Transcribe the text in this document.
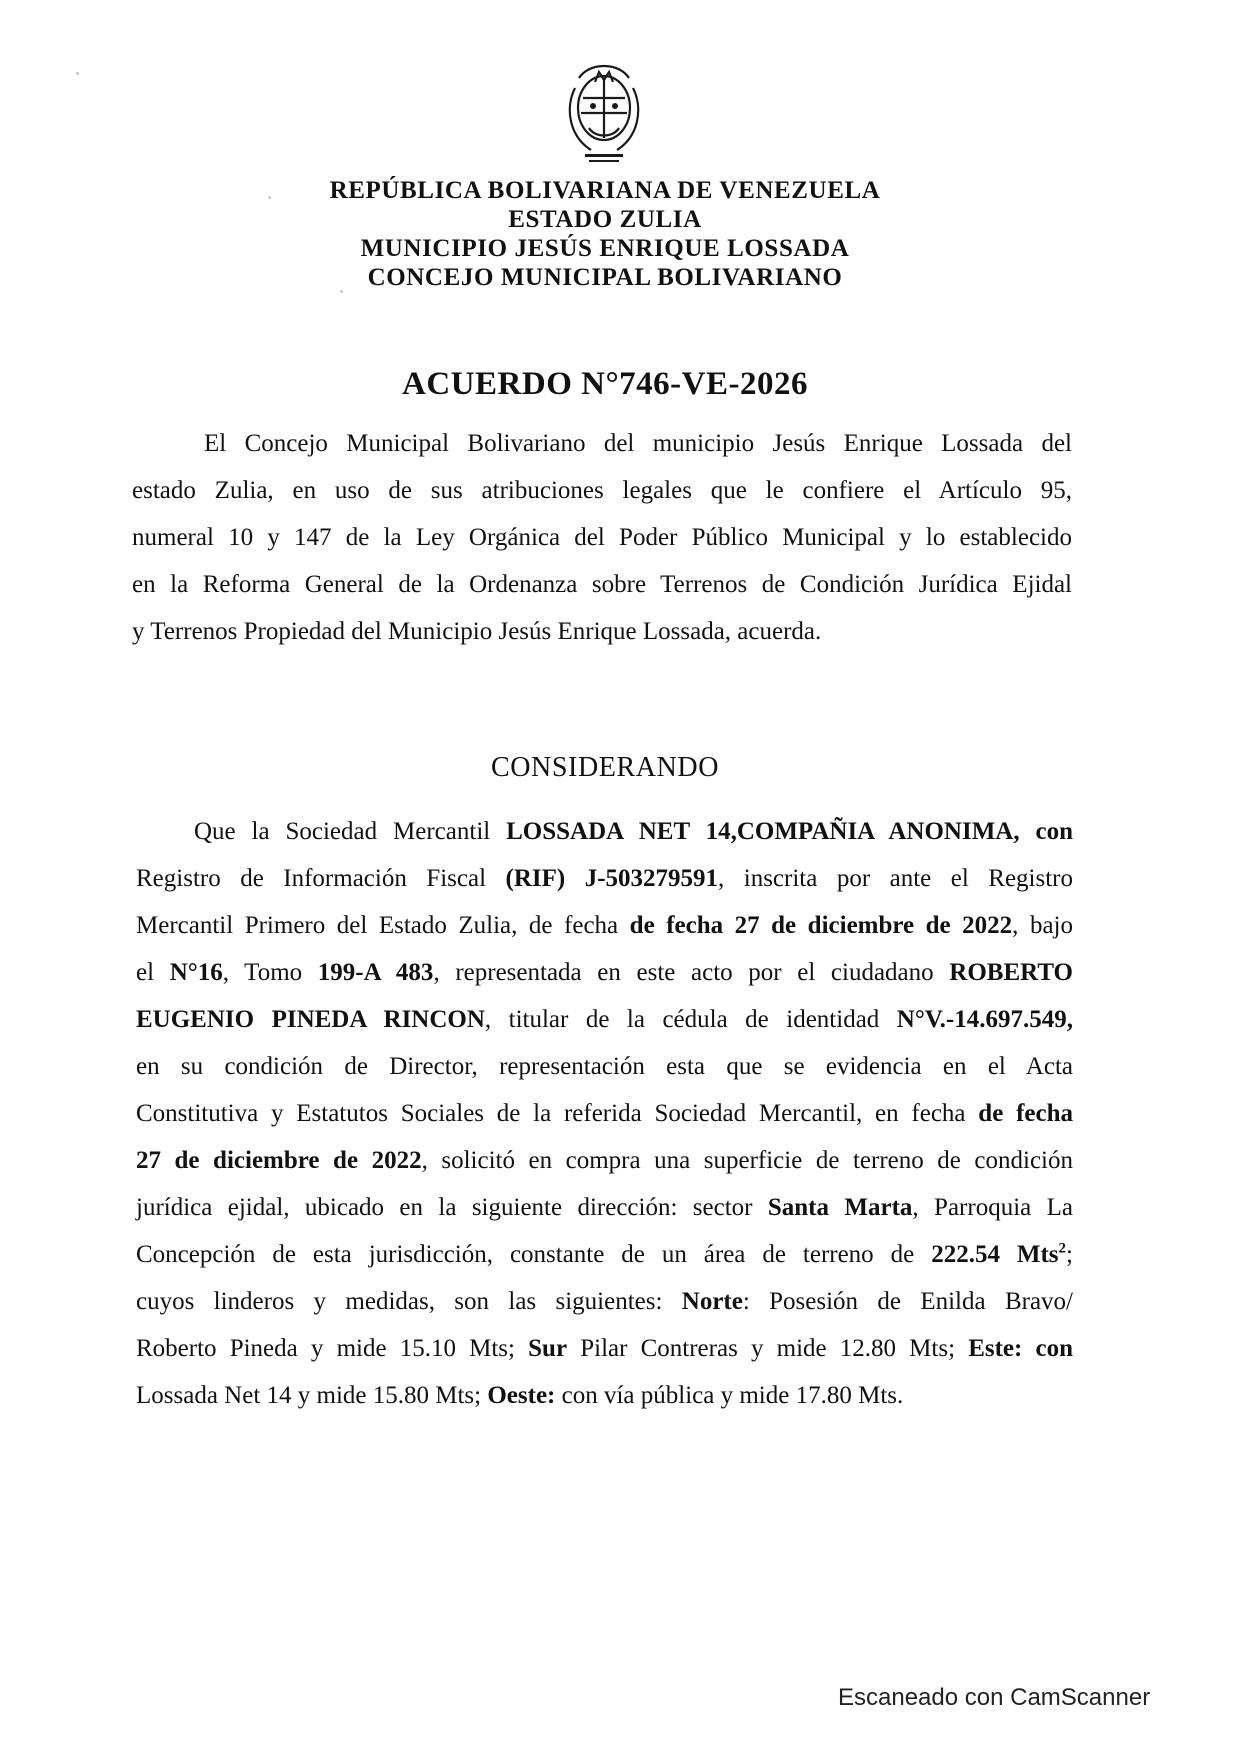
REPÚBLICA BOLIVARIANA DE VENEZUELA
ESTADO ZULIA
MUNICIPIO JESÚS ENRIQUE LOSSADA
CONCEJO MUNICIPAL BOLIVARIANO
ACUERDO N°746-VE-2026
El Concejo Municipal Bolivariano del municipio Jesús Enrique Lossada del
estado Zulia, en uso de sus atribuciones legales que le confiere el Artículo 95,
numeral 10 y 147 de la Ley Orgánica del Poder Público Municipal y lo establecido
en la Reforma General de la Ordenanza sobre Terrenos de Condición Jurídica Ejidal
y Terrenos Propiedad del Municipio Jesús Enrique Lossada, acuerda.
CONSIDERANDO
Que la Sociedad Mercantil LOSSADA NET 14,COMPAÑIA ANONIMA, con
Registro de Información Fiscal (RIF) J-503279591, inscrita por ante el Registro
Mercantil Primero del Estado Zulia, de fecha de fecha 27 de diciembre de 2022, bajo
el N°16, Tomo 199-A 483, representada en este acto por el ciudadano ROBERTO
EUGENIO PINEDA RINCON, titular de la cédula de identidad N°V.-14.697.549,
en su condición de Director, representación esta que se evidencia en el Acta
Constitutiva y Estatutos Sociales de la referida Sociedad Mercantil, en fecha de fecha
27 de diciembre de 2022, solicitó en compra una superficie de terreno de condición
jurídica ejidal, ubicado en la siguiente dirección: sector Santa Marta, Parroquia La
Concepción de esta jurisdicción, constante de un área de terreno de 222.54 Mts$^2$;
cuyos linderos y medidas, son las siguientes: Norte: Posesión de Enilda Bravo/
Roberto Pineda y mide 15.10 Mts; Sur Pilar Contreras y mide 12.80 Mts; Este: con
Lossada Net 14 y mide 15.80 Mts; Oeste: con vía pública y mide 17.80 Mts.
Escaneado con CamScanner
